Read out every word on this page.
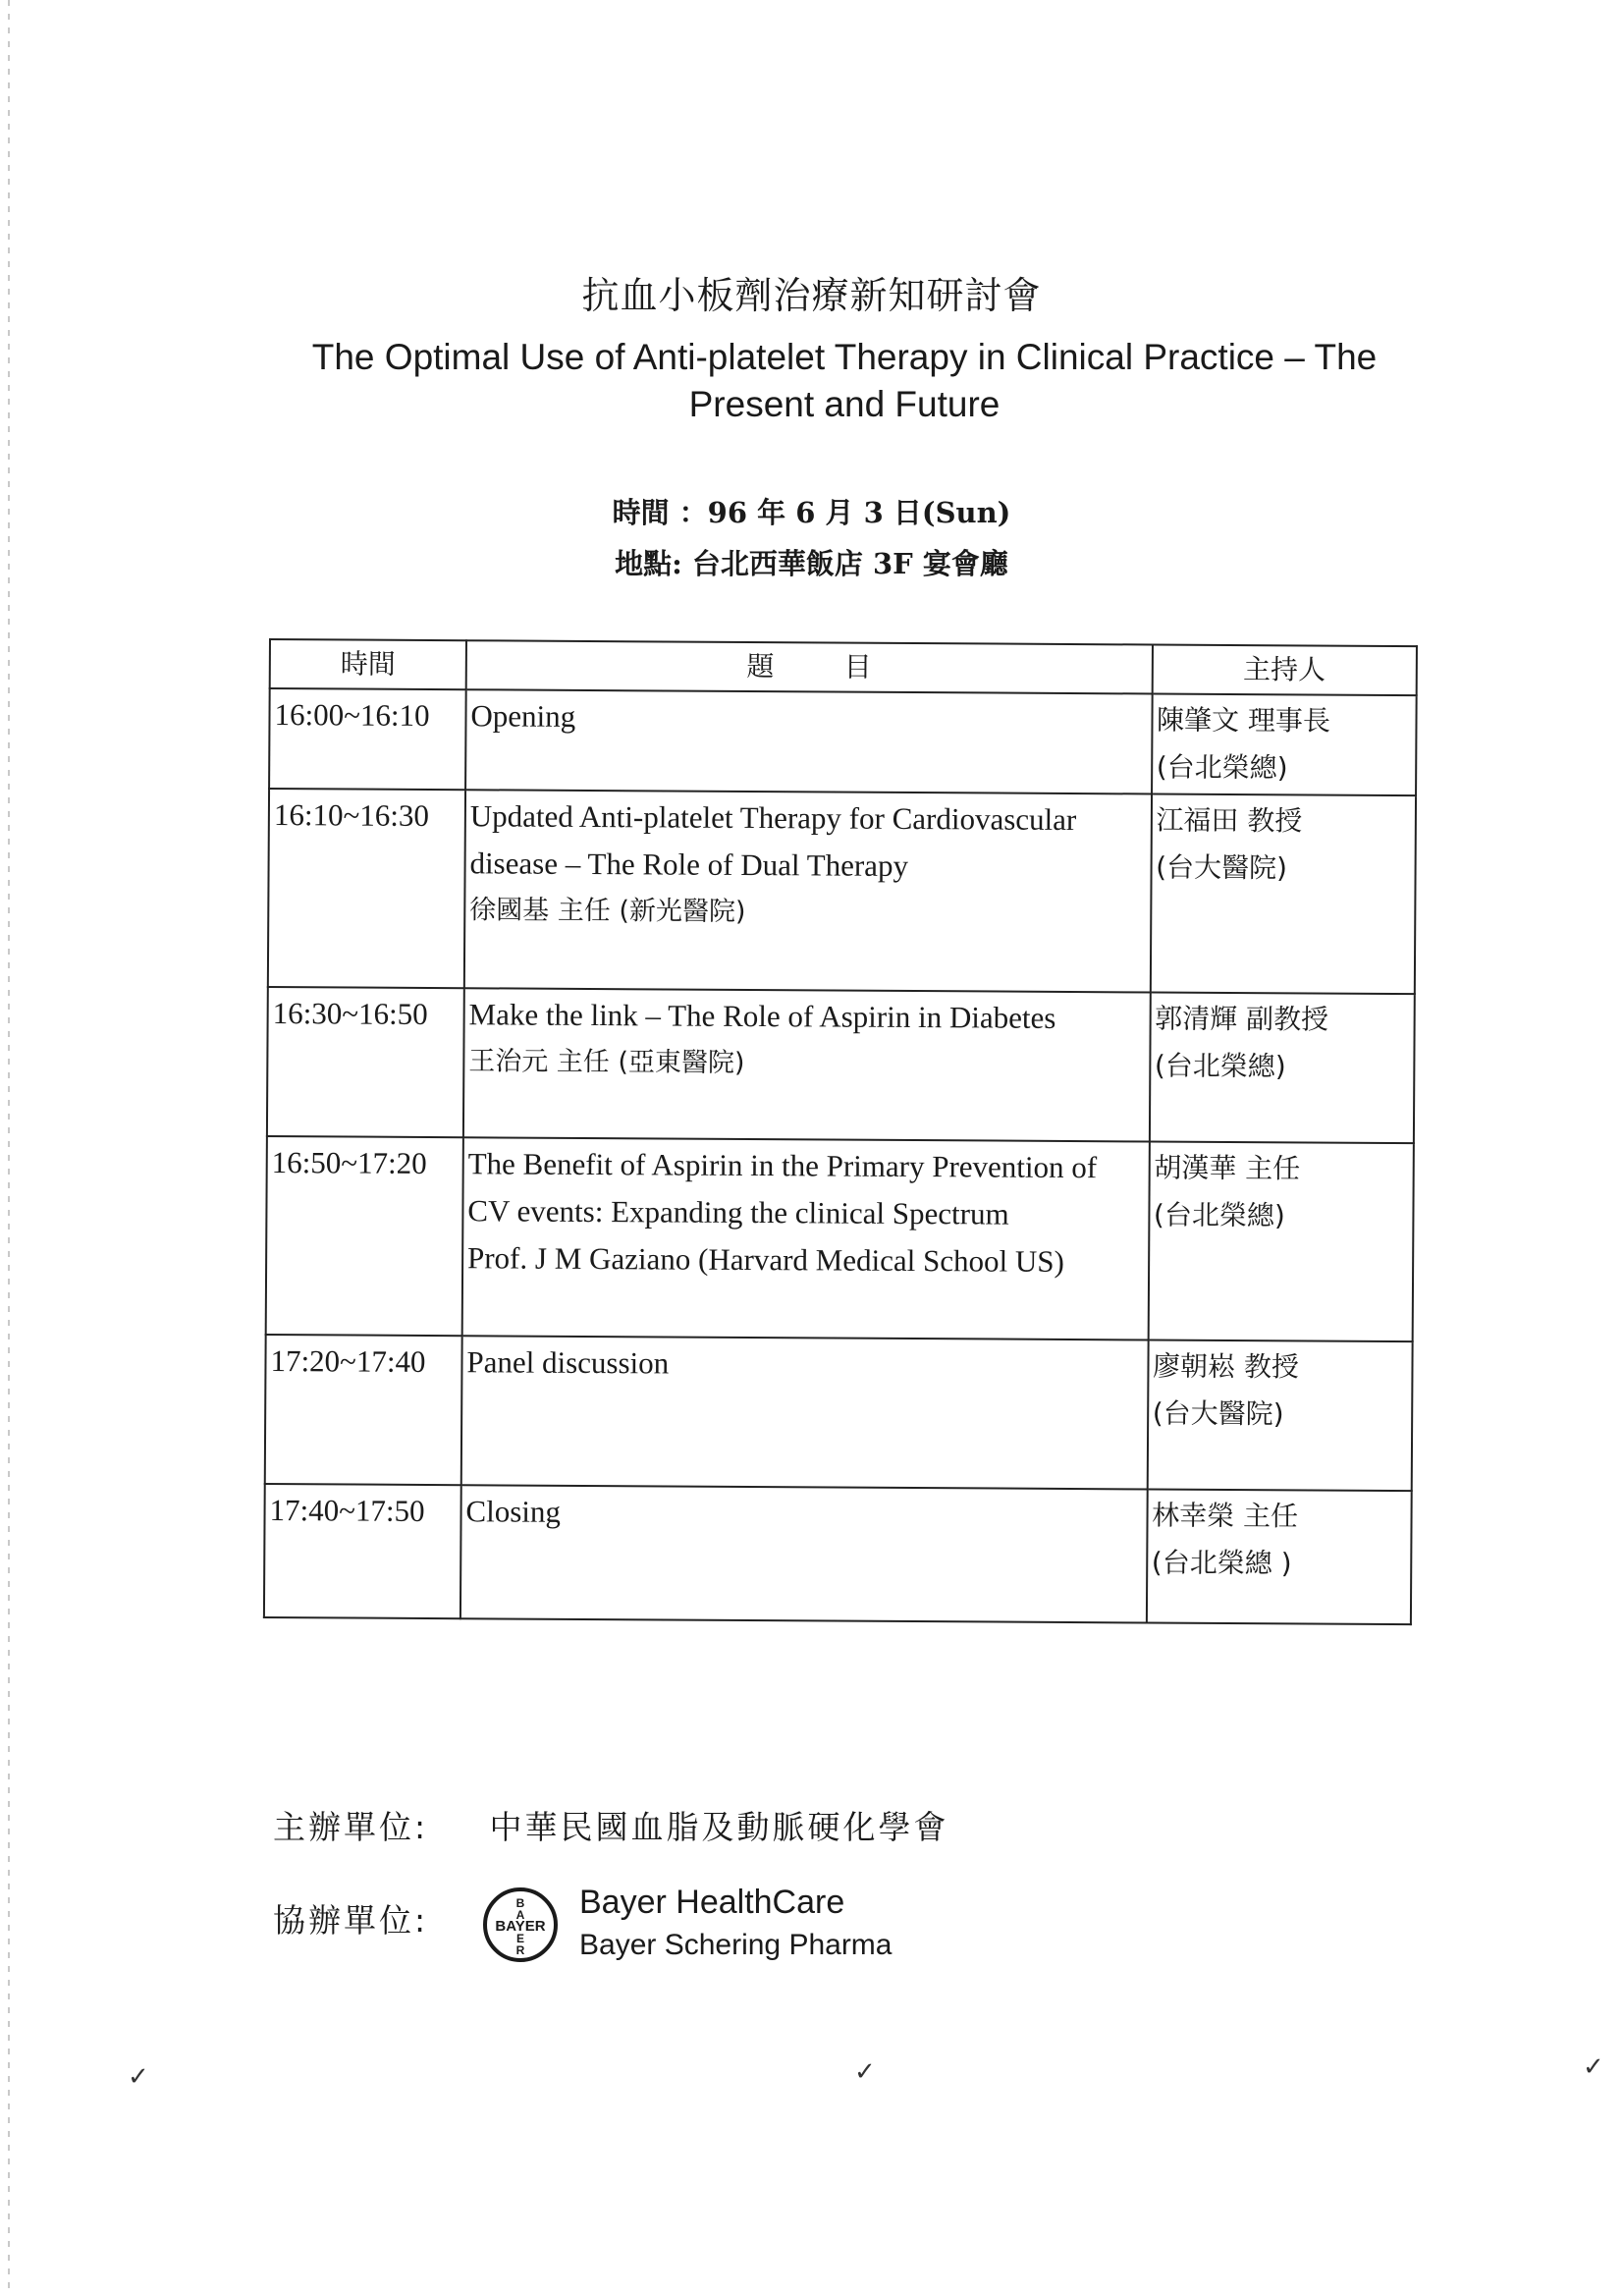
抗血小板劑治療新知研討會
The Optimal Use of Anti-platelet Therapy in Clinical Practice – The Present and Future
時間 ：96 年 6 月 3 日(Sun)
地點: 台北西華飯店 3F 宴會廳
時間	題        目	主持人
16:00~16:10	Opening	陳肇文 理事長
(台北榮總)

16:10~16:30	Updated Anti-platelet Therapy for Cardiovascular disease – The Role of Dual Therapy
徐國基 主任 (新光醫院)	江福田 教授
(台大醫院)

16:30~16:50	Make the link – The Role of Aspirin in Diabetes
王治元 主任 (亞東醫院)	郭清輝 副教授
(台北榮總)

16:50~17:20	The Benefit of Aspirin in the Primary Prevention of CV events: Expanding the clinical Spectrum
Prof. J M Gaziano (Harvard Medical School US)	胡漢華 主任
(台北榮總)

17:20~17:40	Panel discussion	廖朝崧 教授
(台大醫院)

17:40~17:50	Closing	林幸榮 主任
(台北榮總 )
主辦單位: 中華民國血脂及動脈硬化學會
協辦單位:	BAYER
B
A
E
R
Bayer HealthCare
Bayer Schering Pharma
✓	✓	✓
